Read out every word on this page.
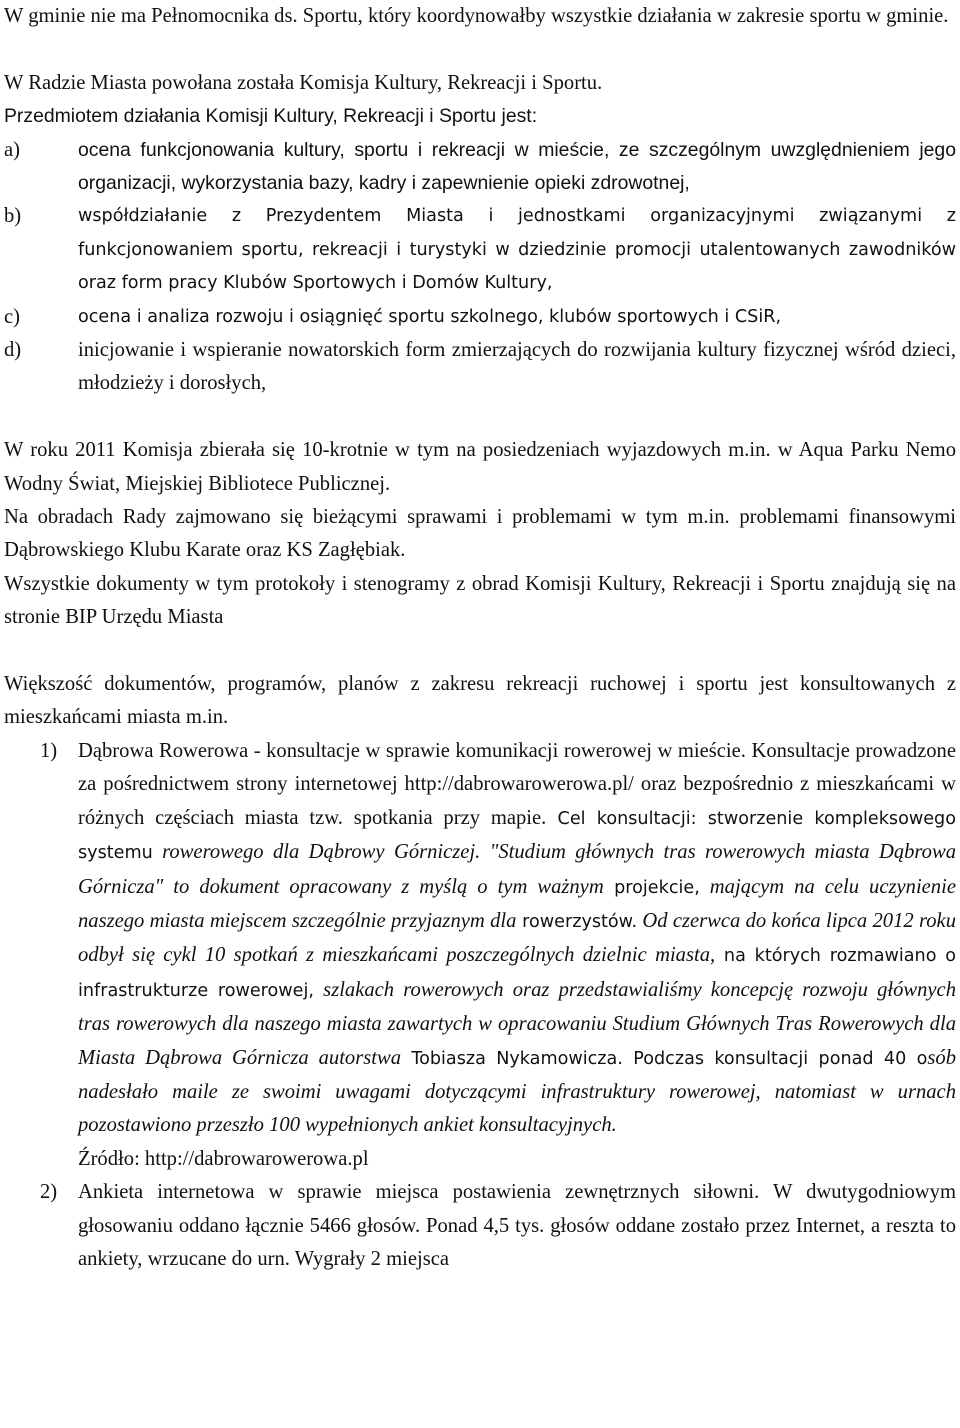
W gminie nie ma Pełnomocnika ds. Sportu, który koordynowałby wszystkie działania w zakresie sportu w gminie.

W Radzie Miasta powołana została Komisja Kultury, Rekreacji i Sportu.

Przedmiotem działania Komisji Kultury, Rekreacji i Sportu jest:

a)	ocena funkcjonowania kultury, sportu i rekreacji w mieście, ze szczególnym uwzględnieniem jego organizacji, wykorzystania bazy, kadry i zapewnienie opieki zdrowotnej,
b)	współdziałanie z Prezydentem Miasta i jednostkami organizacyjnymi związanymi z funkcjonowaniem sportu, rekreacji i turystyki w dziedzinie promocji utalentowanych zawodników oraz form pracy Klubów Sportowych i Domów Kultury,
c)	ocena i analiza rozwoju i osiągnięć sportu szkolnego, klubów sportowych i CSiR,
d)	inicjowanie i wspieranie nowatorskich form zmierzających do rozwijania kultury fizycznej wśród dzieci, młodzieży i dorosłych,

W roku 2011 Komisja zbierała się 10-krotnie w tym na posiedzeniach wyjazdowych m.in. w Aqua Parku Nemo Wodny Świat, Miejskiej Bibliotece Publicznej.

Na obradach Rady zajmowano się bieżącymi sprawami i problemami w tym m.in. problemami finansowymi Dąbrowskiego Klubu Karate oraz KS Zagłębiak.

Wszystkie dokumenty w tym protokoły i stenogramy z obrad Komisji Kultury, Rekreacji i Sportu znajdują się na stronie BIP Urzędu Miasta

Większość dokumentów, programów, planów z zakresu rekreacji ruchowej i sportu jest konsultowanych z mieszkańcami miasta m.in.

1)	Dąbrowa Rowerowa - konsultacje w sprawie komunikacji rowerowej w mieście. Konsultacje prowadzone za pośrednictwem strony internetowej http://dabrowarowerowa.pl/ oraz bezpośrednio z mieszkańcami w różnych częściach miasta tzw. spotkania przy mapie. Cel konsultacji: stworzenie kompleksowego systemu rowerowego dla Dąbrowy Górniczej. "Studium głównych tras rowerowych miasta Dąbrowa Górnicza" to dokument opracowany z myślą o tym ważnym projekcie, mającym na celu uczynienie naszego miasta miejscem szczególnie przyjaznym dla rowerzystów. Od czerwca do końca lipca 2012 roku odbył się cykl 10 spotkań z mieszkańcami poszczególnych dzielnic miasta, na których rozmawiano o infrastrukturze rowerowej, szlakach rowerowych oraz przedstawialiśmy koncepcję rozwoju głównych tras rowerowych dla naszego miasta zawartych w opracowaniu Studium Głównych Tras Rowerowych dla Miasta Dąbrowa Górnicza autorstwa Tobiasza Nykamowicza. Podczas konsultacji ponad 40 osób nadesłało maile ze swoimi uwagami dotyczącymi infrastruktury rowerowej, natomiast w urnach pozostawiono przeszło 100 wypełnionych ankiet konsultacyjnych.
Źródło: http://dabrowarowerowa.pl
2)	Ankieta internetowa w sprawie miejsca postawienia zewnętrznych siłowni. W dwutygodniowym głosowaniu oddano łącznie 5466 głosów. Ponad 4,5 tys. głosów oddane zostało przez Internet, a reszta to ankiety, wrzucane do urn. Wygrały 2 miejsca
